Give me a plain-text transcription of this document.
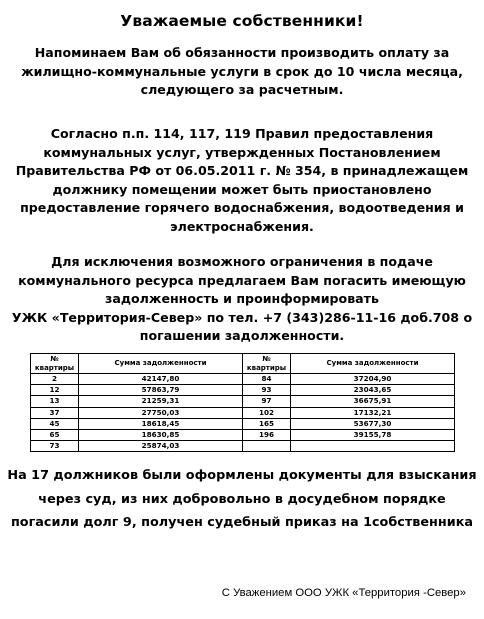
Уважаемые собственники!

Напоминаем Вам об обязанности производить оплату за жилищно-коммунальные услуги в срок до 10 числа месяца, следующего за расчетным.

Согласно п.п. 114, 117, 119 Правил предоставления коммунальных услуг, утвержденных Постановлением Правительства РФ от 06.05.2011 г. № 354, в принадлежащем должнику помещении может быть приостановлено предоставление горячего водоснабжения, водоотведения и электроснабжения.

Для исключения возможного ограничения в подаче коммунального ресурса предлагаем Вам погасить имеющую задолженность и проинформировать
УЖК «Территория-Север» по тел. +7 (343)286-11-16 доб.708 о погашении задолженности.

№ квартиры	Сумма задолженности	№ квартиры	Сумма задолженности
2	42147,80	84	37204,90
12	57863,79	93	23043,65
13	21259,31	97	36675,91
37	27750,03	102	17132,21
45	18618,45	165	53677,30
65	18630,85	196	39155,78
73	25874,03		

На 17 должников были оформлены документы для взыскания через суд, из них добровольно в досудебном порядке погасили долг 9, получен судебный приказ на 1собственника

С Уважением ООО УЖК «Территория -Север»
